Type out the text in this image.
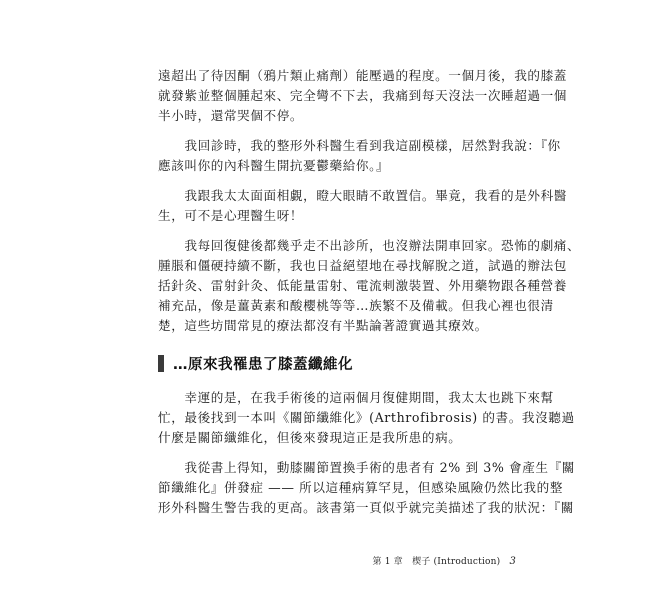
遠超出了待因酮（鴉片類止痛劑）能壓過的程度。一個月後，我的膝蓋
就發紫並整個腫起來、完全彎不下去，我痛到每天沒法一次睡超過一個
半小時，還常哭個不停。

　　我回診時，我的整形外科醫生看到我這副模樣，居然對我說：『你
應該叫你的內科醫生開抗憂鬱藥給你。』

　　我跟我太太面面相覷，瞪大眼睛不敢置信。畢竟，我看的是外科醫
生，可不是心理醫生呀！

　　我每回復健後都幾乎走不出診所，也沒辦法開車回家。恐怖的劇痛、
腫脹和僵硬持續不斷，我也日益絕望地在尋找解脫之道，試過的辦法包
括針灸、雷射針灸、低能量雷射、電流刺激裝置、外用藥物跟各種營養
補充品，像是薑黃素和酸櫻桃等等…族繁不及備載。但我心裡也很清
楚，這些坊間常見的療法都沒有半點論著證實過其療效。

…原來我罹患了膝蓋纖維化

　　幸運的是，在我手術後的這兩個月復健期間，我太太也跳下來幫
忙，最後找到一本叫《關節纖維化》(Arthrofibrosis) 的書。我沒聽過
什麼是關節纖維化，但後來發現這正是我所患的病。

　　我從書上得知，動膝關節置換手術的患者有 2% 到 3% 會產生『關
節纖維化』併發症 —— 所以這種病算罕見，但感染風險仍然比我的整
形外科醫生警告我的更高。該書第一頁似乎就完美描述了我的狀況：『關

第 1 章　楔子 (Introduction) 3
